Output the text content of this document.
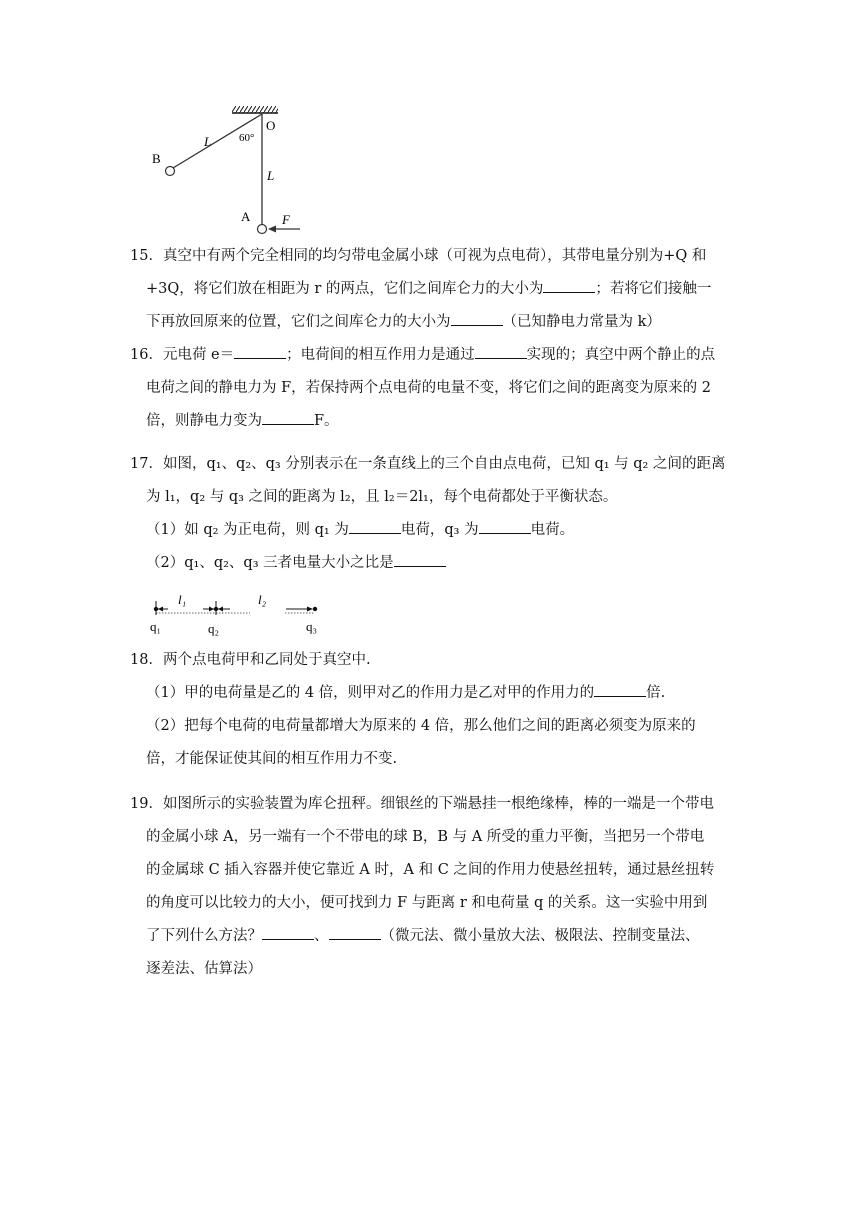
O
60°
B
A
L
L
F
15．真空中有两个完全相同的均匀带电金属小球（可视为点电荷），其带电量分别为+Q 和
+3Q，将它们放在相距为 r 的两点，它们之间库仑力的大小为	；若将它们接触一
下再放回原来的位置，它们之间库仑力的大小为	（已知静电力常量为 k）
16．元电荷 e＝	；电荷间的相互作用力是通过	实现的；真空中两个静止的点
电荷之间的静电力为 F，若保持两个点电荷的电量不变，将它们之间的距离变为原来的 2
倍，则静电力变为	F。
17．如图，q₁、q₂、q₃ 分别表示在一条直线上的三个自由点电荷，已知 q₁ 与 q₂ 之间的距离
为 l₁，q₂ 与 q₃ 之间的距离为 l₂，且 l₂＝2l₁，每个电荷都处于平衡状态。
（1）如 q₂ 为正电荷，则 q₁ 为	电荷，q₃ 为	电荷。
（2）q₁、q₂、q₃ 三者电量大小之比是
l₁	l₂
q₁	q₂	q₃
18．两个点电荷甲和乙同处于真空中.
（1）甲的电荷量是乙的 4 倍，则甲对乙的作用力是乙对甲的作用力的	倍.
（2）把每个电荷的电荷量都增大为原来的 4 倍，那么他们之间的距离必须变为原来的
倍，才能保证使其间的相互作用力不变.
19．如图所示的实验装置为库仑扭秤。细银丝的下端悬挂一根绝缘棒，棒的一端是一个带电
的金属小球 A，另一端有一个不带电的球 B，B 与 A 所受的重力平衡，当把另一个带电
的金属球 C 插入容器并使它靠近 A 时，A 和 C 之间的作用力使悬丝扭转，通过悬丝扭转
的角度可以比较力的大小，便可找到力 F 与距离 r 和电荷量 q 的关系。这一实验中用到
了下列什么方法？	、	（微元法、微小量放大法、极限法、控制变量法、
逐差法、估算法）
